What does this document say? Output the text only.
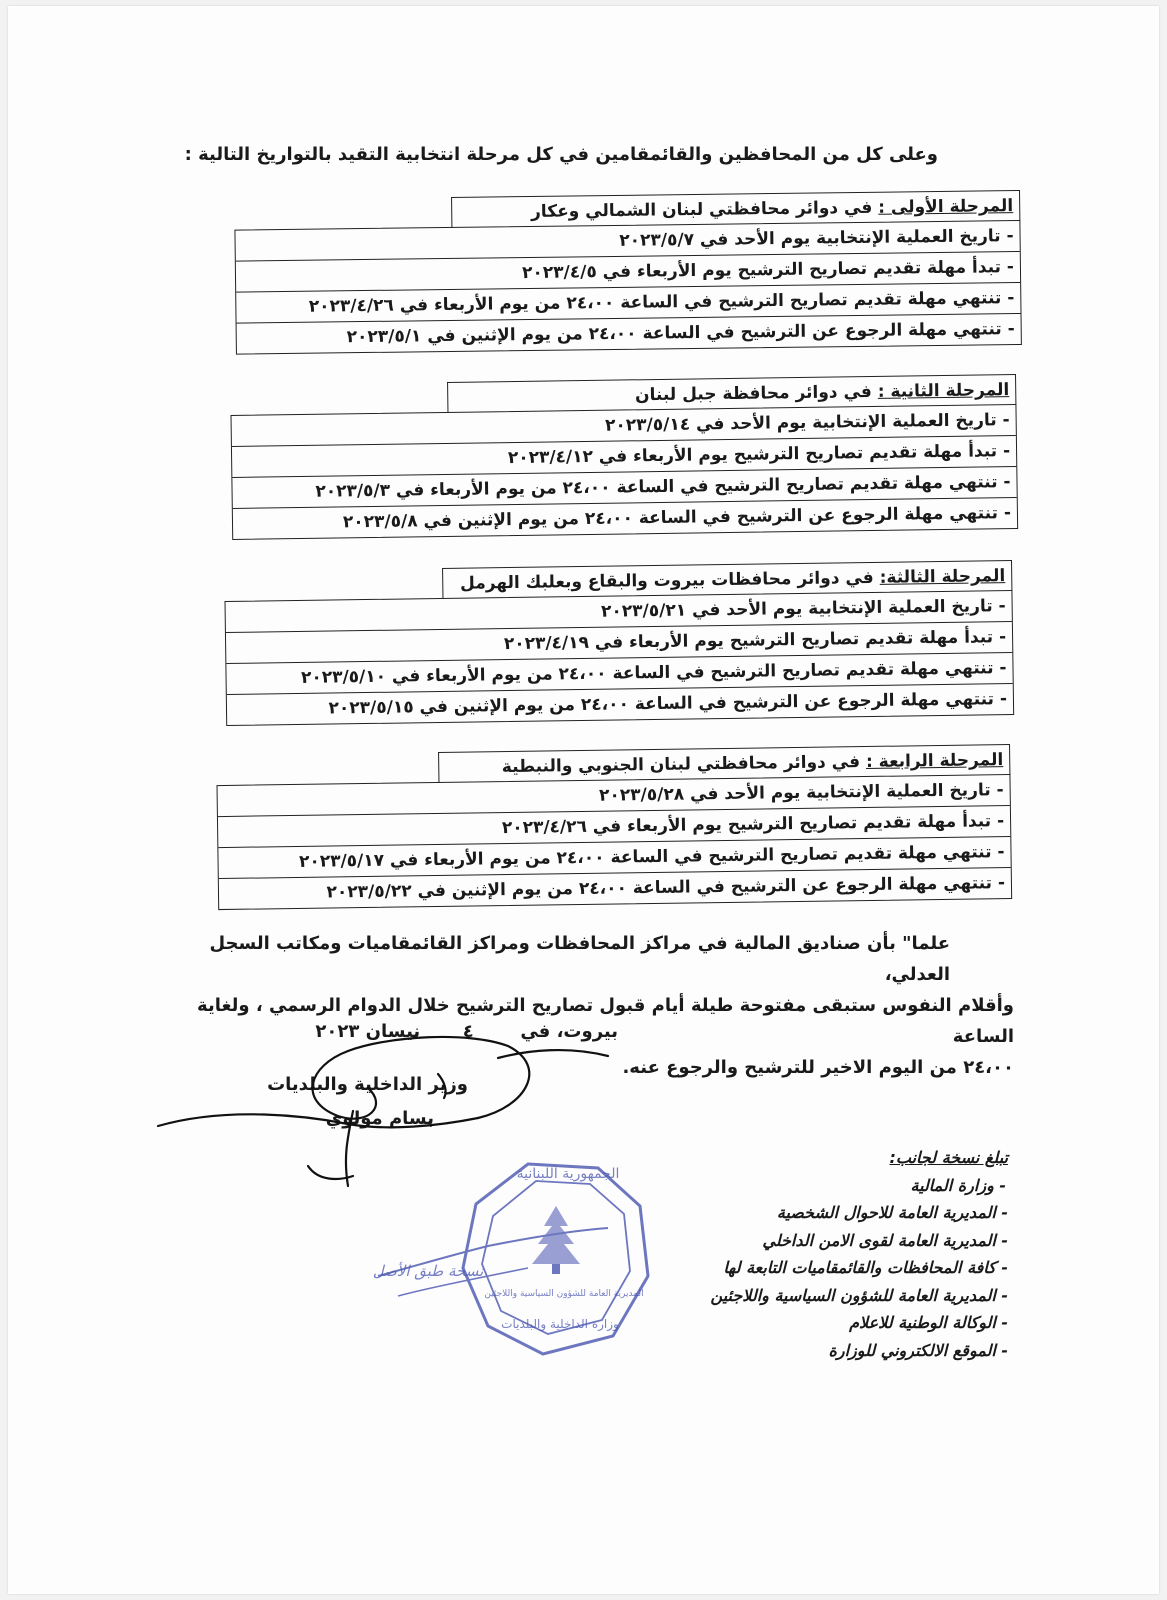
وعلى كل من المحافظين والقائمقامين في كل مرحلة انتخابية التقيد بالتواريخ التالية :
المرحلة الأولى : في دوائر محافظتي لبنان الشمالي وعكار
- تاريخ العملية الإنتخابية يوم الأحد في ٢٠٢٣/٥/٧
- تبدأ مهلة تقديم تصاريح الترشيح يوم الأربعاء في ٢٠٢٣/٤/٥
- تنتهي مهلة تقديم تصاريح الترشيح في الساعة ٢٤،٠٠ من يوم الأربعاء في ٢٠٢٣/٤/٢٦
- تنتهي مهلة الرجوع عن الترشيح في الساعة ٢٤،٠٠ من يوم الإثنين في ٢٠٢٣/٥/١
المرحلة الثانية : في دوائر محافظة جبل لبنان
- تاريخ العملية الإنتخابية يوم الأحد في ٢٠٢٣/٥/١٤
- تبدأ مهلة تقديم تصاريح الترشيح يوم الأربعاء في ٢٠٢٣/٤/١٢
- تنتهي مهلة تقديم تصاريح الترشيح في الساعة ٢٤،٠٠ من يوم الأربعاء في ٢٠٢٣/٥/٣
- تنتهي مهلة الرجوع عن الترشيح في الساعة ٢٤،٠٠ من يوم الإثنين في ٢٠٢٣/٥/٨
المرحلة الثالثة: في دوائر محافظات بيروت والبقاع وبعلبك الهرمل
- تاريخ العملية الإنتخابية يوم الأحد في ٢٠٢٣/٥/٢١
- تبدأ مهلة تقديم تصاريح الترشيح يوم الأربعاء في ٢٠٢٣/٤/١٩
- تنتهي مهلة تقديم تصاريح الترشيح في الساعة ٢٤،٠٠ من يوم الأربعاء في ٢٠٢٣/٥/١٠
- تنتهي مهلة الرجوع عن الترشيح في الساعة ٢٤،٠٠ من يوم الإثنين في ٢٠٢٣/٥/١٥
المرحلة الرابعة : في دوائر محافظتي لبنان الجنوبي والنبطية
- تاريخ العملية الإنتخابية يوم الأحد في ٢٠٢٣/٥/٢٨
- تبدأ مهلة تقديم تصاريح الترشيح يوم الأربعاء في ٢٠٢٣/٤/٢٦
- تنتهي مهلة تقديم تصاريح الترشيح في الساعة ٢٤،٠٠ من يوم الأربعاء في ٢٠٢٣/٥/١٧
- تنتهي مهلة الرجوع عن الترشيح في الساعة ٢٤،٠٠ من يوم الإثنين في ٢٠٢٣/٥/٢٢
علما" بأن صناديق المالية في مراكز المحافظات ومراكز القائمقاميات ومكاتب السجل العدلي،
وأقلام النفوس ستبقى مفتوحة طيلة أيام قبول تصاريح الترشيح خلال الدوام الرسمي ، ولغاية الساعة
٢٤،٠٠ من اليوم الاخير للترشيح والرجوع عنه.
بيروت، في  ٤  نيسان ٢٠٢٣
وزير الداخلية والبلديات
بسام مولوي
تبلغ نسخة لجانب:
- وزارة المالية
- المديرية العامة للاحوال الشخصية
- المديرية العامة لقوى الامن الداخلي
- كافة المحافظات والقائمقاميات التابعة لها
- المديرية العامة للشؤون السياسية واللاجئين
- الوكالة الوطنية للاعلام
- الموقع الالكتروني للوزارة
الجمهورية اللبنانية
وزارة الداخلية والبلديات
المديرية العامة للشؤون السياسية واللاجئين
نسخة طبق الأصل
